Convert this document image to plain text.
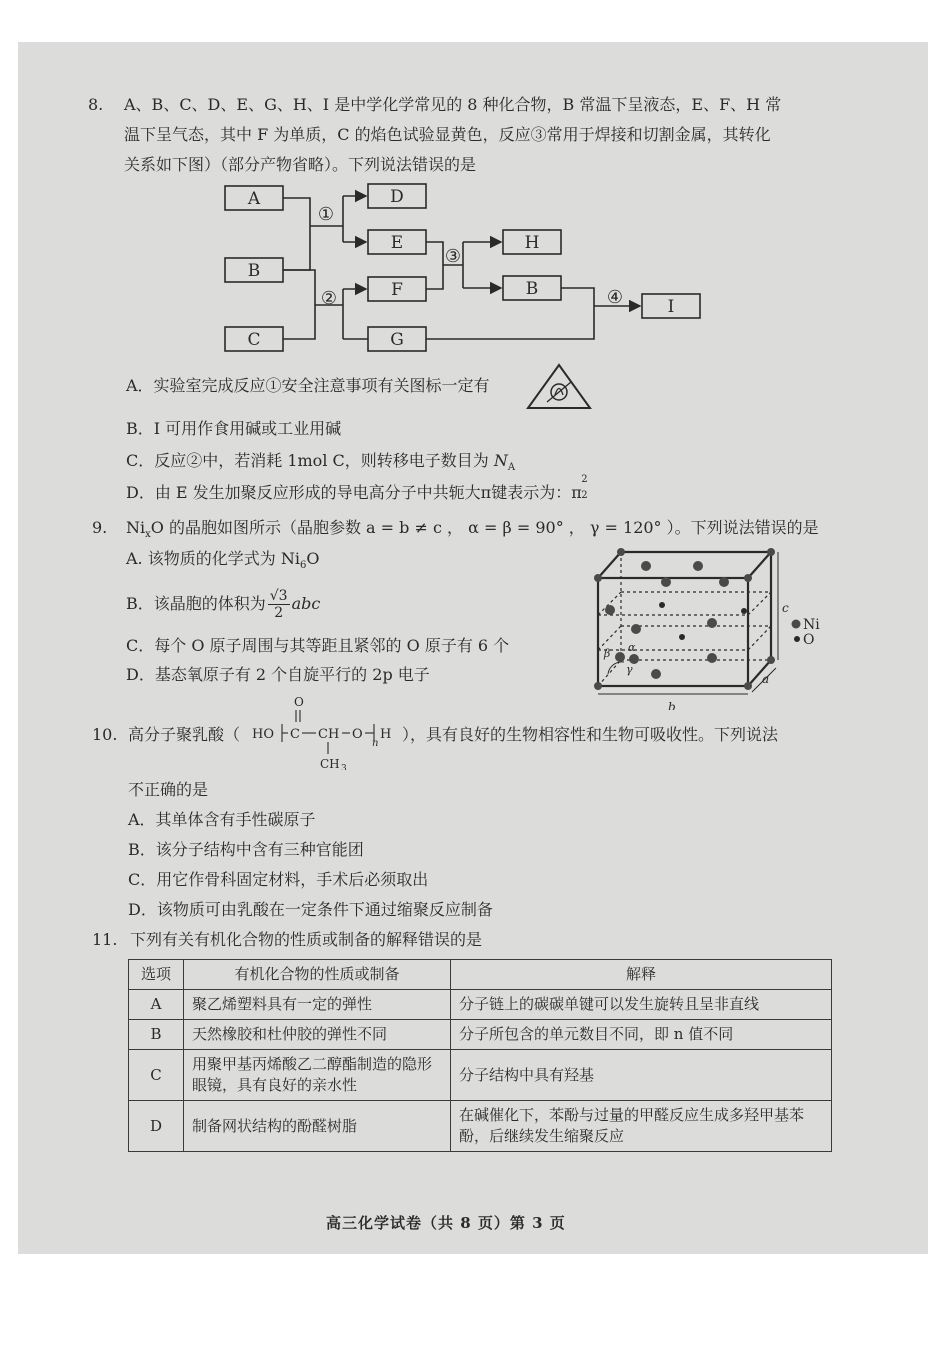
8. A、B、C、D、E、G、H、I 是中学化学常见的 8 种化合物，B 常温下呈液态，E、F、H 常
温下呈气态，其中 F 为单质，C 的焰色试验显黄色，反应③常用于焊接和切割金属，其转化
关系如下图）（部分产物省略）。下列说法错误的是
A
B
C
D
E
F
G
H
B
I
①
②
③
④
A．实验室完成反应①安全注意事项有关图标一定有
B．I 可用作食用碱或工业用碱
C．反应②中，若消耗 1mol C，则转移电子数目为 $N_A$
D．由 E 发生加聚反应形成的导电高分子中共轭大π键表示为：π
9. $Ni_xO$ 的晶胞如图所示（晶胞参数 a = b ≠ c ， α = β = 90° ， γ = 120° ）。下列说法错误的是
A. 该物质的化学式为 $Ni_6O$
B．该晶胞的体积为 $\frac{√3}{2}$ abc
C．每个 O 原子周围与其等距且紧邻的 O 原子有 6 个
D．基态氧原子有 2 个自旋平行的 2p 电子
Ni
O
b
c
a
α
β
γ
10. 高分子聚乳酸（ HO C
O
CH O
n
H
CH 3
），具有良好的生物相容性和生物可吸收性。下列说法
不正确的是
A．其单体含有手性碳原子
B．该分子结构中含有三种官能团
C．用它作骨科固定材料，手术后必须取出
D．该物质可由乳酸在一定条件下通过缩聚反应制备
11. 下列有关有机化合物的性质或制备的解释错误的是
选项	有机化合物的性质或制备	解释
A	聚乙烯塑料具有一定的弹性	分子链上的碳碳单键可以发生旋转且呈非直线
B	天然橡胶和杜仲胶的弹性不同	分子所包含的单元数目不同，即 n 值不同
C	用聚甲基丙烯酸乙二醇酯制造的隐形眼镜，具有良好的亲水性	分子结构中具有羟基
D	制备网状结构的酚醛树脂	在碱催化下，苯酚与过量的甲醛反应生成多羟甲基苯酚，后继续发生缩聚反应
高三化学试卷（共 8 页）第 3 页
